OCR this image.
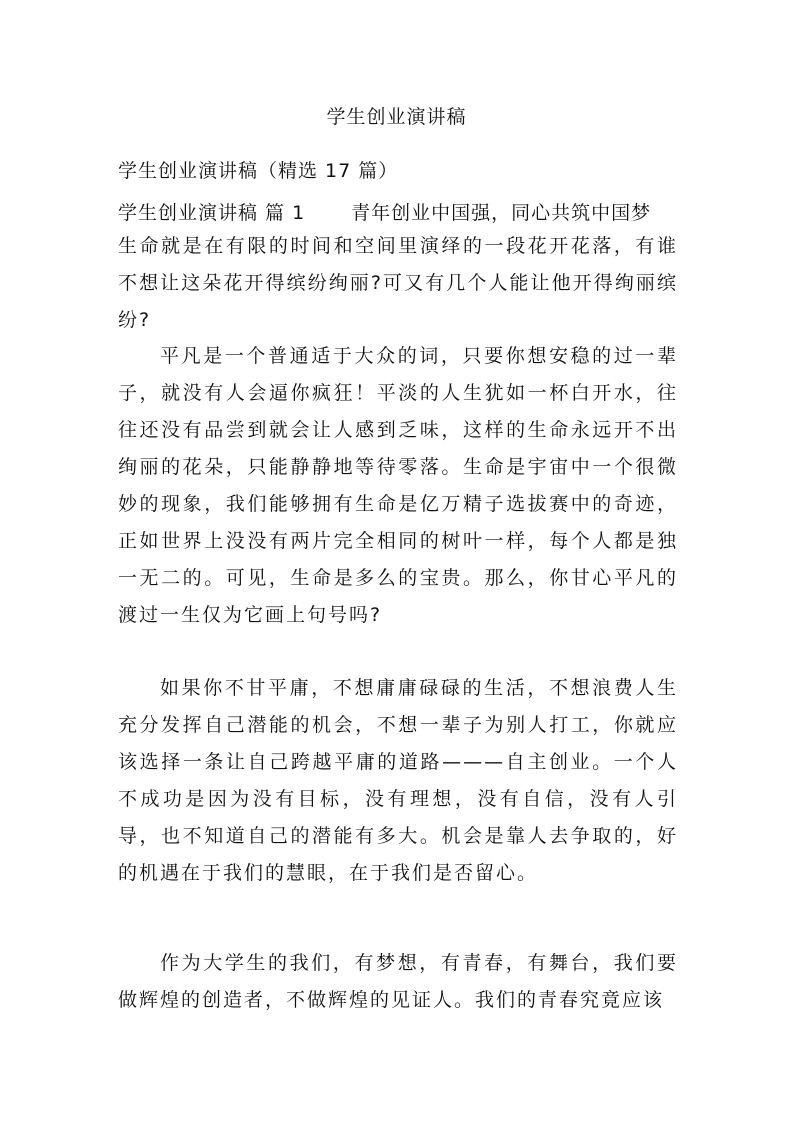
学生创业演讲稿
学生创业演讲稿（精选 17 篇）
学生创业演讲稿 篇 1 青年创业中国强，同心共筑中国梦
生命就是在有限的时间和空间里演绎的一段花开花落，有谁不想让这朵花开得缤纷绚丽?可又有几个人能让他开得绚丽缤纷?
平凡是一个普通适于大众的词，只要你想安稳的过一辈子，就没有人会逼你疯狂！平淡的人生犹如一杯白开水，往往还没有品尝到就会让人感到乏味，这样的生命永远开不出绚丽的花朵，只能静静地等待零落。生命是宇宙中一个很微妙的现象，我们能够拥有生命是亿万精子选拔赛中的奇迹，正如世界上没没有两片完全相同的树叶一样，每个人都是独一无二的。可见，生命是多么的宝贵。那么，你甘心平凡的渡过一生仅为它画上句号吗?
如果你不甘平庸，不想庸庸碌碌的生活，不想浪费人生充分发挥自己潜能的机会，不想一辈子为别人打工，你就应该选择一条让自己跨越平庸的道路———自主创业。一个人不成功是因为没有目标，没有理想，没有自信，没有人引导，也不知道自己的潜能有多大。机会是靠人去争取的，好的机遇在于我们的慧眼，在于我们是否留心。
作为大学生的我们，有梦想，有青春，有舞台，我们要做辉煌的创造者，不做辉煌的见证人。我们的青春究竟应该
